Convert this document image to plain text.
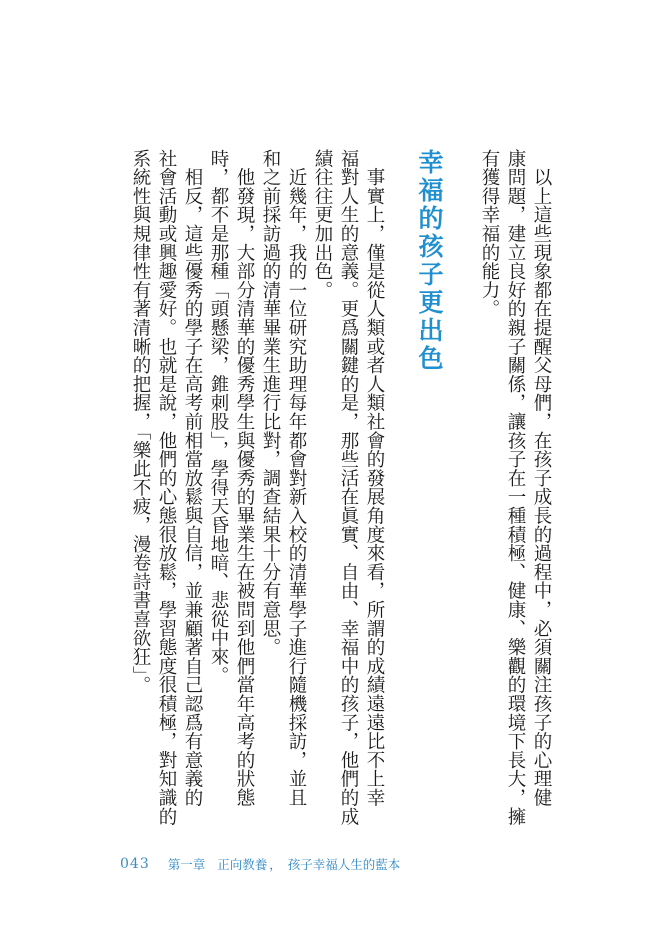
　以上這些現象都在提醒父母們，在孩子成長的過程中，必須關注孩子的心理健
康問題，建立良好的親子關係，讓孩子在一種積極、健康、樂觀的環境下長大，擁
有獲得幸福的能力。
幸福的孩子更出色
　事實上，僅是從人類或者人類社會的發展角度來看，所謂的成績遠遠比不上幸
福對人生的意義。更爲關鍵的是，那些活在眞實、自由、幸福中的孩子，他們的成
績往往更加出色。
　近幾年，我的一位研究助理每年都會對新入校的清華學子進行隨機採訪，並且
和之前採訪過的清華畢業生進行比對，調查結果十分有意思。
　他發現，大部分清華的優秀學生與優秀的畢業生在被問到他們當年高考的狀態
時，都不是那種「頭懸梁，錐刺股」，學得天昏地暗、悲從中來。
　相反，這些優秀的學子在高考前相當放鬆與自信，並兼顧著自己認爲有意義的
社會活動或興趣愛好。也就是說，他們的心態很放鬆，學習態度很積極，對知識的
系統性與規律性有著清晰的把握，「樂此不疲，漫卷詩書喜欲狂」。
043 第一章 正向教養 ， 孩子幸福人生的藍本
